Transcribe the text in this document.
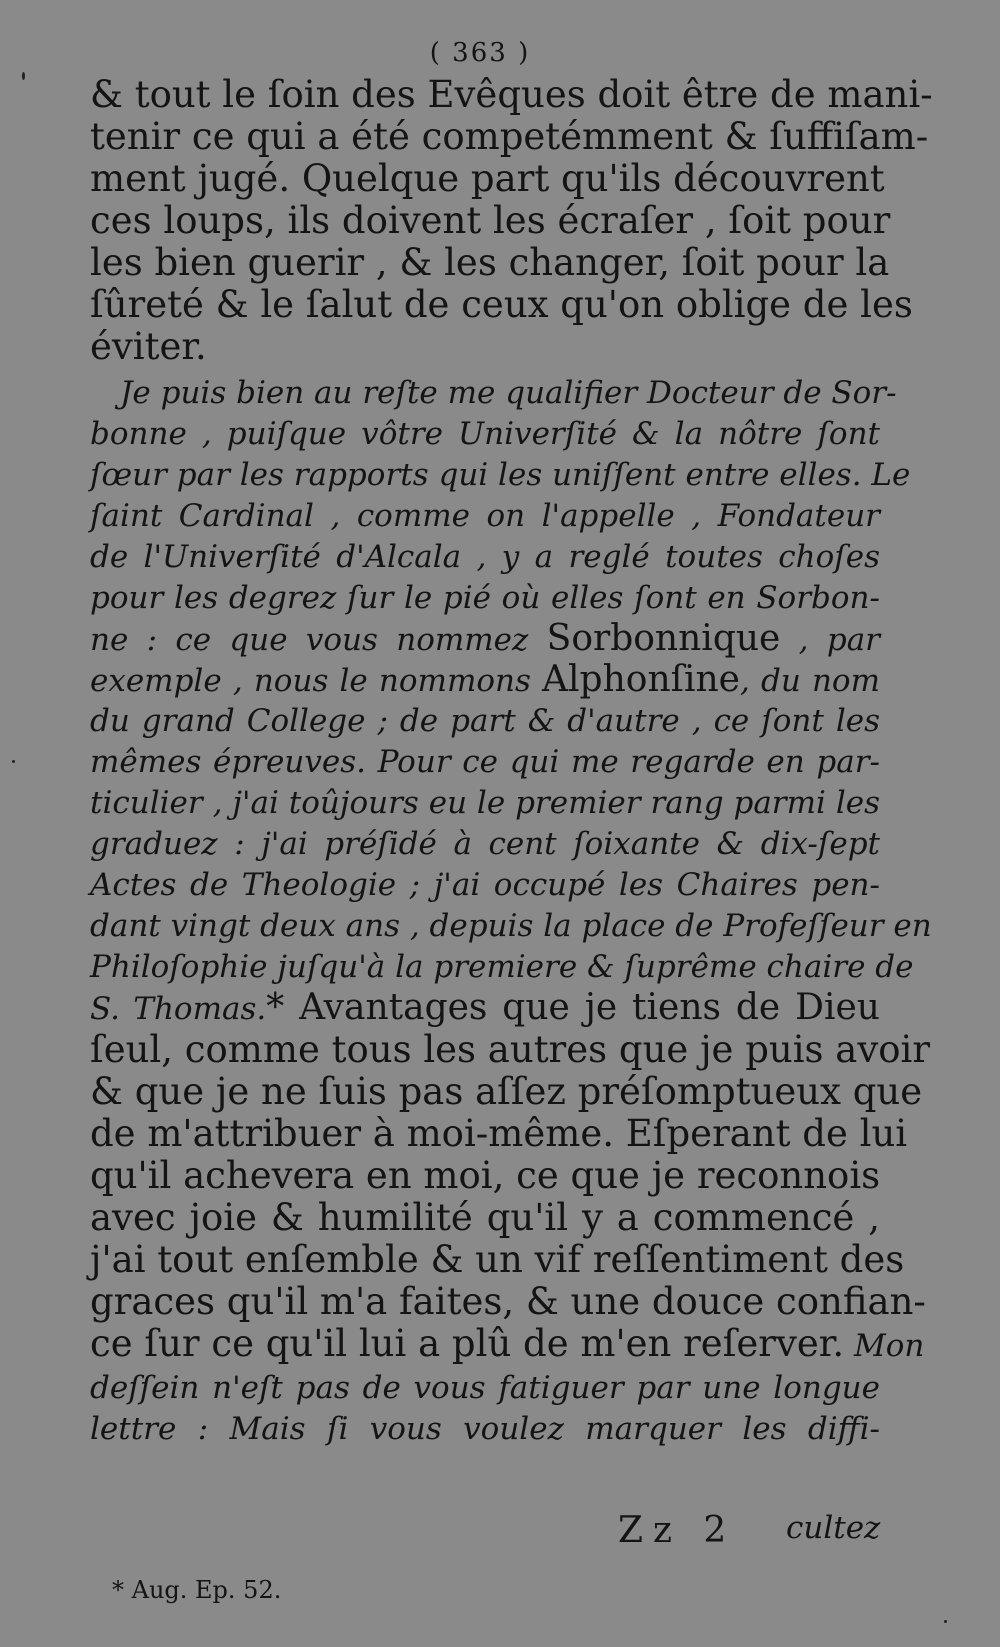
( 363 )
& tout le ſoin des Evêques doit être de mani-
tenir ce qui a été competémment & ſuffiſam-
ment jugé. Quelque part qu'ils découvrent
ces loups, ils doivent les écraſer , ſoit pour
les bien guerir , & les changer, ſoit pour la
ſûreté & le ſalut de ceux qu'on oblige de les
éviter.
Je puis bien au reſte me qualifier Docteur de Sor-
bonne , puiſque vôtre Univerſité & la nôtre ſont
ſœur par les rapports qui les uniſſent entre elles. Le
ſaint Cardinal , comme on l'appelle , Fondateur
de l'Univerſité d'Alcala , y a reglé toutes choſes
pour les degrez ſur le pié où elles ſont en Sorbon-
ne : ce que vous nommez Sorbonnique , par
exemple , nous le nommons Alphonſine, du nom
du grand College ; de part & d'autre , ce ſont les
mêmes épreuves. Pour ce qui me regarde en par-
ticulier , j'ai toûjours eu le premier rang parmi les
graduez : j'ai préſidé à cent ſoixante & dix-ſept
Actes de Theologie ; j'ai occupé les Chaires pen-
dant vingt deux ans , depuis la place de Profeſſeur en
Philoſophie juſqu'à la premiere & ſuprême chaire de
S. Thomas.* Avantages que je tiens de Dieu
ſeul, comme tous les autres que je puis avoir
& que je ne ſuis pas aſſez préſomptueux que
de m'attribuer à moi-même. Eſperant de lui
qu'il achevera en moi, ce que je reconnois
avec joie & humilité qu'il y a commencé ,
j'ai tout enſemble & un vif reſſentiment des
graces qu'il m'a faites, & une douce confian-
ce ſur ce qu'il lui a plû de m'en reſerver. Mon
deſſein n'eſt pas de vous fatiguer par une longue
lettre : Mais ſi vous voulez marquer les diffi-
Zz 2 cultez
* Aug. Ep. 52.
